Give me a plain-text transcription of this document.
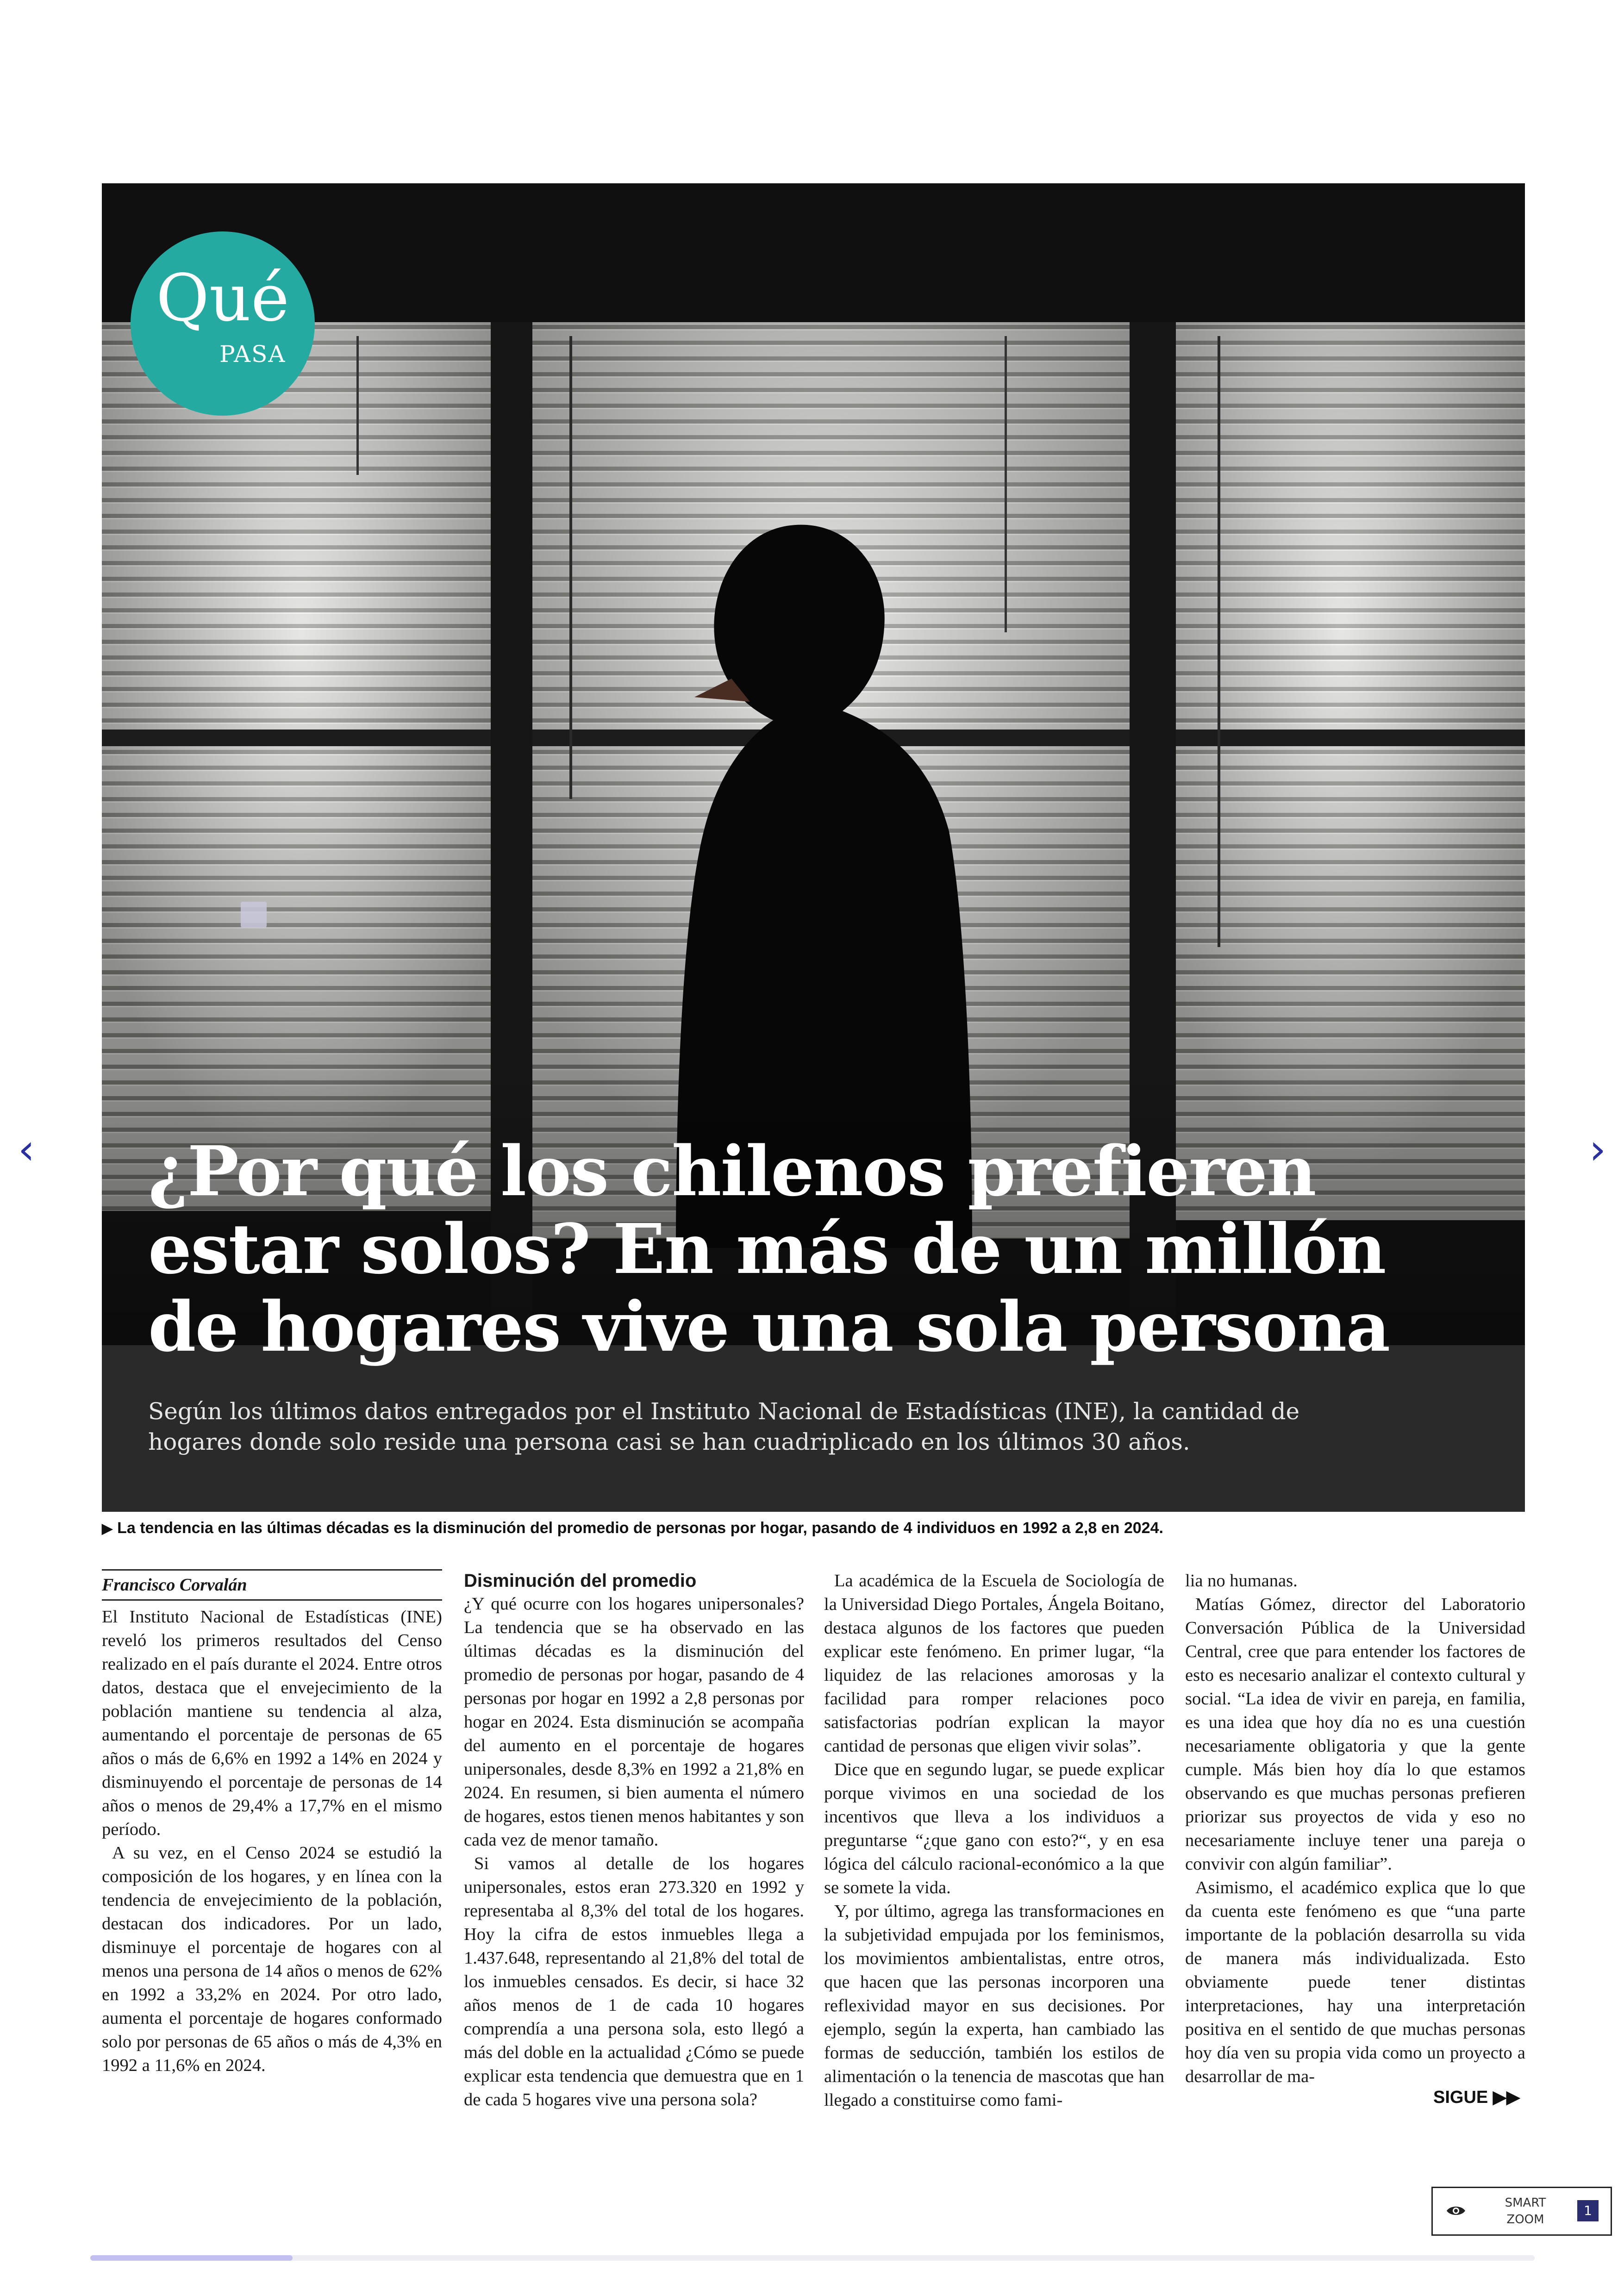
¿Por qué los chilenos prefieren estar solos? En más de un millón de hogares vive una sola persona

Según los últimos datos entregados por el Instituto Nacional de Estadísticas (INE), la cantidad de hogares donde solo reside una persona casi se han cuadriplicado en los últimos 30 años.

Qué
PASA
‹	›
▶ La tendencia en las últimas décadas es la disminución del promedio de personas por hogar, pasando de 4 individuos en 1992 a 2,8 en 2024.
Francisco Corvalán

El Instituto Nacional de Estadísticas (INE) reveló los primeros resultados del Censo realizado en el país durante el 2024. Entre otros datos, destaca que el envejecimiento de la población mantiene su tendencia al alza, aumentando el porcentaje de personas de 65 años o más de 6,6% en 1992 a 14% en 2024 y disminuyendo el porcentaje de personas de 14 años o menos de 29,4% a 17,7% en el mismo período.

A su vez, en el Censo 2024 se estudió la composición de los hogares, y en línea con la tendencia de envejecimiento de la población, destacan dos indicadores. Por un lado, disminuye el porcentaje de hogares con al menos una persona de 14 años o menos de 62% en 1992 a 33,2% en 2024. Por otro lado, aumenta el porcentaje de hogares conformado solo por personas de 65 años o más de 4,3% en 1992 a 11,6% en 2024.

Disminución del promedio

¿Y qué ocurre con los hogares unipersonales? La tendencia que se ha observado en las últimas décadas es la disminución del promedio de personas por hogar, pasando de 4 personas por hogar en 1992 a 2,8 personas por hogar en 2024. Esta disminución se acompaña del aumento en el porcentaje de hogares unipersonales, desde 8,3% en 1992 a 21,8% en 2024. En resumen, si bien aumenta el número de hogares, estos tienen menos habitantes y son cada vez de menor tamaño.

Si vamos al detalle de los hogares unipersonales, estos eran 273.320 en 1992 y representaba al 8,3% del total de los hogares. Hoy la cifra de estos inmuebles llega a 1.437.648, representando al 21,8% del total de los inmuebles censados. Es decir, si hace 32 años menos de 1 de cada 10 hogares comprendía a una persona sola, esto llegó a más del doble en la actualidad ¿Cómo se puede explicar esta tendencia que demuestra que en 1 de cada 5 hogares vive una persona sola?

La académica de la Escuela de Sociología de la Universidad Diego Portales, Ángela Boitano, destaca algunos de los factores que pueden explicar este fenómeno. En primer lugar, “la liquidez de las relaciones amorosas y la facilidad para romper relaciones poco satisfactorias podrían explican la mayor cantidad de personas que eligen vivir solas”.

Dice que en segundo lugar, se puede explicar porque vivimos en una sociedad de los incentivos que lleva a los individuos a preguntarse “¿que gano con esto?“, y en esa lógica del cálculo racional-económico a la que se somete la vida.

Y, por último, agrega las transformaciones en la subjetividad empujada por los feminismos, los movimientos ambientalistas, entre otros, que hacen que las personas incorporen una reflexividad mayor en sus decisiones. Por ejemplo, según la experta, han cambiado las formas de seducción, también los estilos de alimentación o la tenencia de mascotas que han llegado a constituirse como fami-

lia no humanas.

Matías Gómez, director del Laboratorio Conversación Pública de la Universidad Central, cree que para entender los factores de esto es necesario analizar el contexto cultural y social. “La idea de vivir en pareja, en familia, es una idea que hoy día no es una cuestión necesariamente obligatoria y que la gente cumple. Más bien hoy día lo que estamos observando es que muchas personas prefieren priorizar sus proyectos de vida y eso no necesariamente incluye tener una pareja o convivir con algún familiar”.

Asimismo, el académico explica que lo que da cuenta este fenómeno es que “una parte importante de la población desarrolla su vida de manera más individualizada. Esto obviamente puede tener distintas interpretaciones, hay una interpretación positiva en el sentido de que muchas personas hoy día ven su propia vida como un proyecto a desarrollar de ma-

SIGUE ▶▶
SMART
ZOOM
1
